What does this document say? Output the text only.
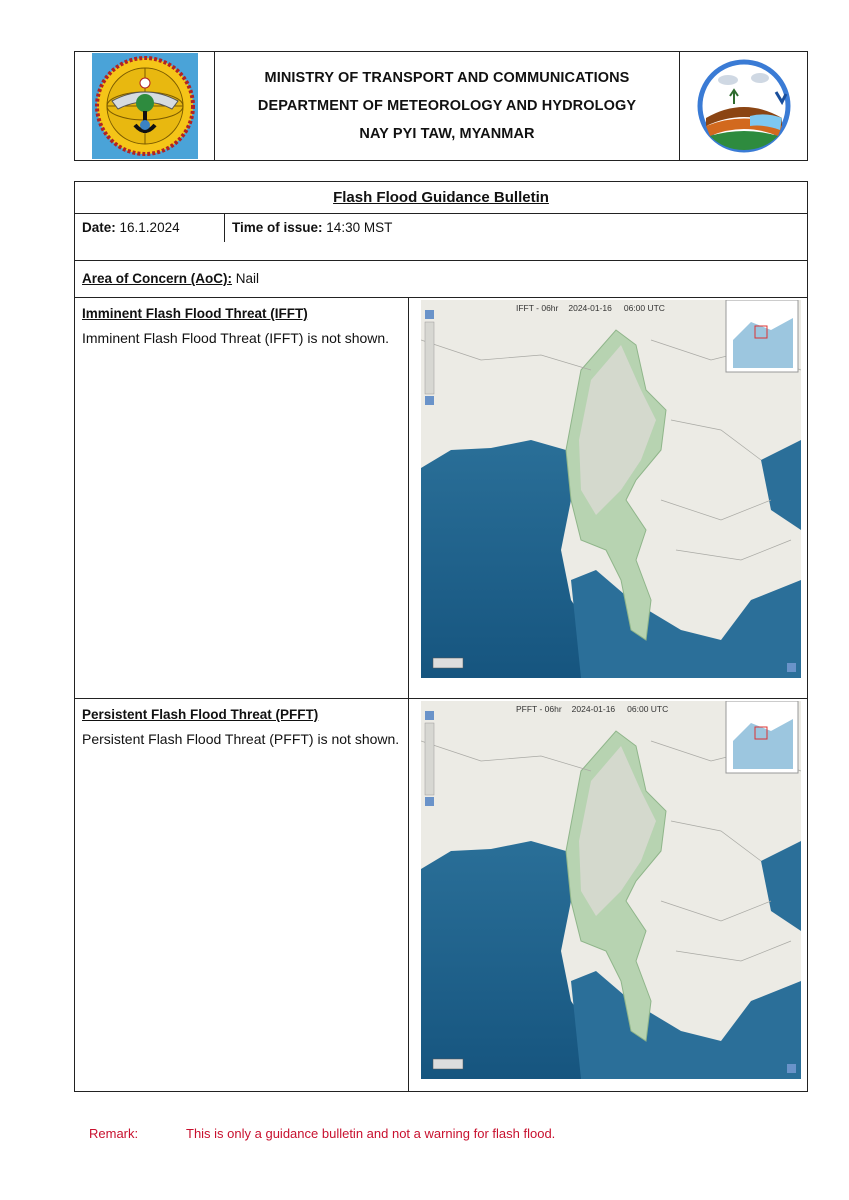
MINISTRY OF TRANSPORT AND COMMUNICATIONS
DEPARTMENT OF METEOROLOGY AND HYDROLOGY
NAY PYI TAW, MYANMAR
Flash Flood Guidance Bulletin
Date: 16.1.2024	Time of issue: 14:30 MST
Area of Concern (AoC): Nail
Imminent Flash Flood Threat (IFFT)
Imminent Flash Flood Threat (IFFT) is not shown.
IFFT - 06hr 2024-01-16 06:00 UTC
Persistent Flash Flood Threat (PFFT)
Persistent Flash Flood Threat (PFFT) is not shown.
PFFT - 06hr 2024-01-16 06:00 UTC
Remark:	This is only a guidance bulletin and not a warning for flash flood.
